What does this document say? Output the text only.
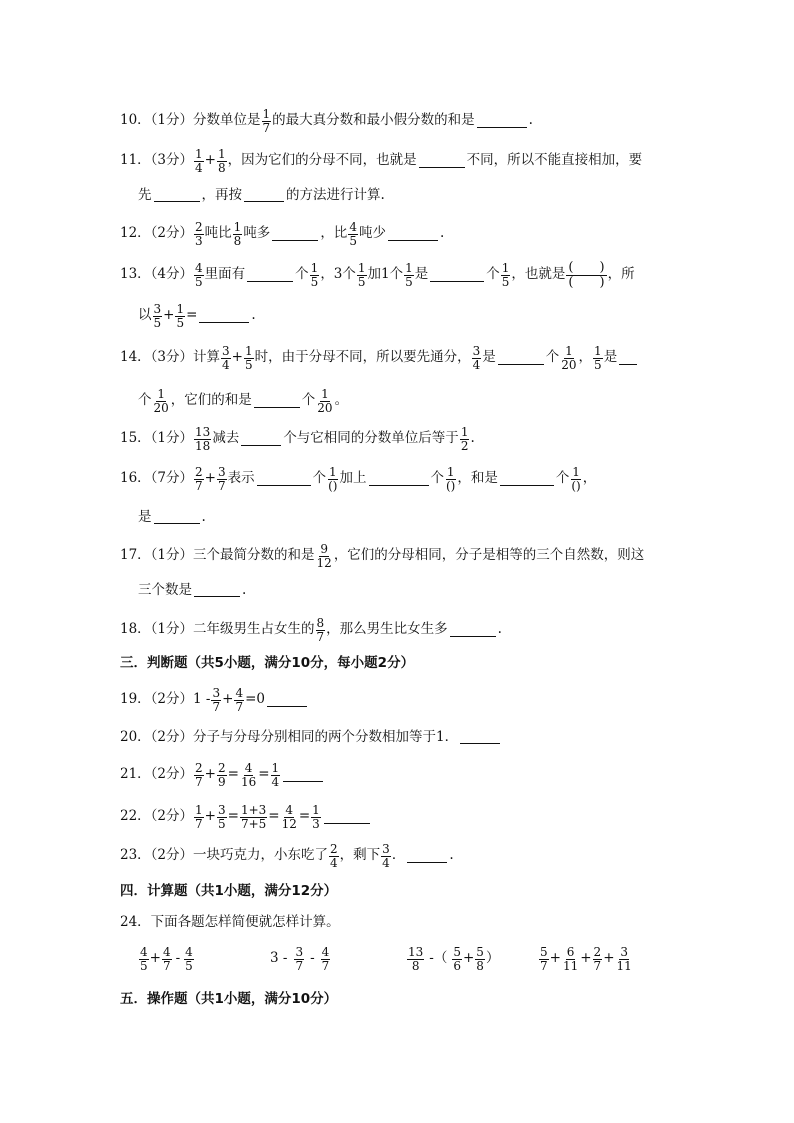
10．（1分） 分数单位是 $\frac{1}{7}$ 的最大真分数和最小假分数的和是	.
11．（3分） $\frac{1}{4} + \frac{1}{8}$ ，因为它们的分母不同，也就是	不同，所以不能直接相加，要
先	，再按	的方法进行计算.
12．（2分） $\frac{2}{3}$ 吨比 $\frac{1}{8}$ 吨多	，比 $\frac{4}{5}$ 吨少	.
13．（4分） $\frac{4}{5}$ 里面有	个 $\frac{1}{5}$ ，3个 $\frac{1}{5}$ 加1个 $\frac{1}{5}$ 是	个 $\frac{1}{5}$ ，也就是 $\frac{( )}{( )}$ ，所
以 $\frac{3}{5} + \frac{1}{5}$ =	.
14．（3分） 计算 $\frac{3}{4} + \frac{1}{5}$ 时，由于分母不同，所以要先通分， $\frac{3}{4}$ 是	个 $\frac{1}{20}$ ， $\frac{1}{5}$ 是
个 $\frac{1}{20}$ ，它们的和是	个 $\frac{1}{20}$ 。
15．（1分） $\frac{13}{18}$ 减去	个与它相同的分数单位后等于 $\frac{1}{2}$ .
16．（7分） $\frac{2}{7} + \frac{3}{7}$ 表示	个 $\frac{1}{()}$ 加上	个 $\frac{1}{()}$ ，和是	个 $\frac{1}{()}$ ，
是	.
17．（1分） 三个最简分数的和是 $\frac{9}{12}$ ，它们的分母相同，分子是相等的三个自然数，则这
三个数是	.
18．（1分） 二年级男生占女生的 $\frac{8}{7}$ ，那么男生比女生多	.
三．判断题（共5小题，满分10分，每小题2分）
19．（2分） $1 - \frac{3}{7} + \frac{4}{7} =0$
20．（2分） 分子与分母分别相同的两个分数相加等于1．
21．（2分） $\frac{2}{7} + \frac{2}{9} = \frac{4}{16} = \frac{1}{4}$
22．（2分） $\frac{1}{7} + \frac{3}{5} = \frac{1+3}{7+5} = \frac{4}{12} = \frac{1}{3}$
23．（2分） 一块巧克力，小东吃了 $\frac{2}{4}$ ，剩下 $\frac{3}{4}$ ．	.
四．计算题（共1小题，满分12分）
24．下面各题怎样简便就怎样计算。
$\frac{4}{5} + \frac{4}{7} - \frac{4}{5}$	$3 - \frac{3}{7} - \frac{4}{7}$	$\frac{13}{8}$ -（ $\frac{5}{6} + \frac{5}{8}$ ）	$\frac{5}{7} + \frac{6}{11} + \frac{2}{7} + \frac{3}{11}$
五．操作题（共1小题，满分10分）
